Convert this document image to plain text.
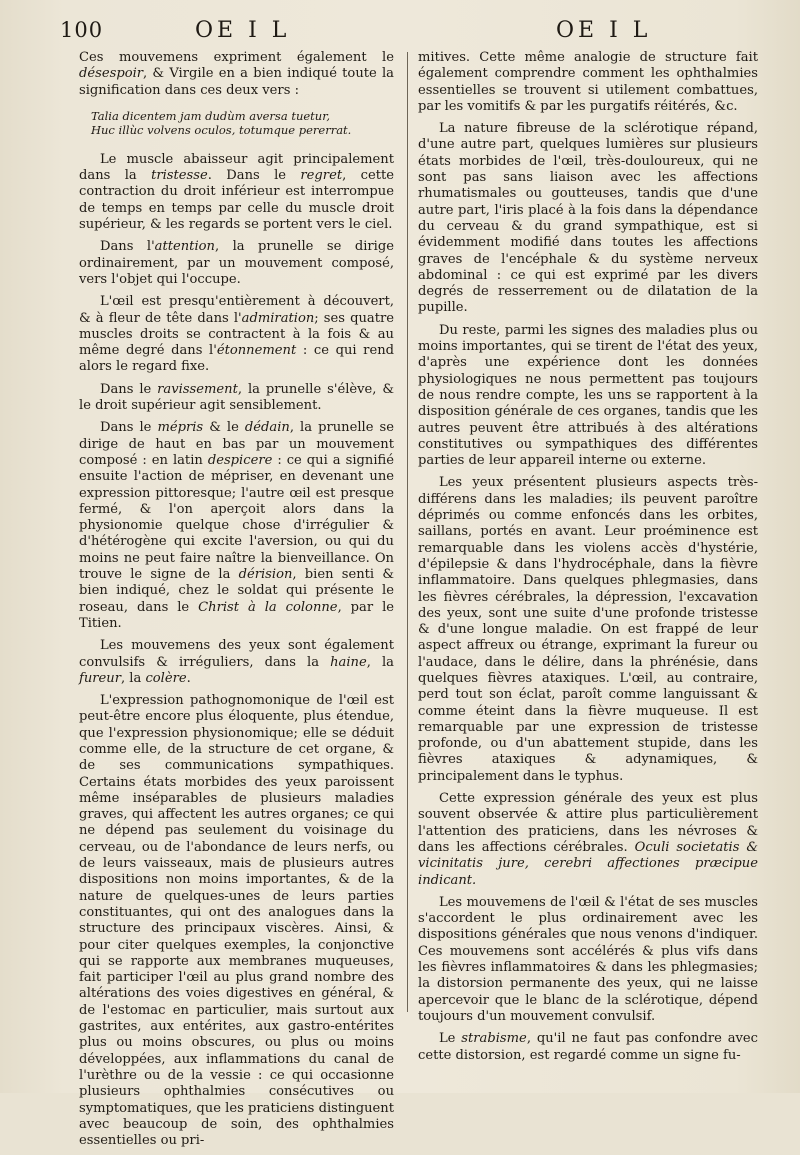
100	OE I L	OE I L

Ces mouvemens expriment également le désespoir, & Virgile en a bien indiqué toute la signification dans ces deux vers :

Talia dicentem jam dudùm aversa tuetur,
Huc illùc volvens oculos, totumque pererrat.

Le muscle abaisseur agit principalement dans la tristesse. Dans le regret, cette contraction du droit inférieur est interrompue de temps en temps par celle du muscle droit supérieur, & les regards se portent vers le ciel.

Dans l'attention, la prunelle se dirige ordinairement, par un mouvement composé, vers l'objet qui l'occupe.

L'œil est presqu'entièrement à découvert, & à fleur de tête dans l'admiration; ses quatre muscles droits se contractent à la fois & au même degré dans l'étonnement : ce qui rend alors le regard fixe.

Dans le ravissement, la prunelle s'élève, & le droit supérieur agit sensiblement.

Dans le mépris & le dédain, la prunelle se dirige de haut en bas par un mouvement composé : en latin despicere : ce qui a signifié ensuite l'action de mépriser, en devenant une expression pittoresque; l'autre œil est presque fermé, & l'on aperçoit alors dans la physionomie quelque chose d'irrégulier & d'hétérogène qui excite l'aversion, ou qui du moins ne peut faire naître la bienveillance. On trouve le signe de la dérision, bien senti & bien indiqué, chez le soldat qui présente le roseau, dans le Christ à la colonne, par le Titien.

Les mouvemens des yeux sont également convulsifs & irréguliers, dans la haine, la fureur, la colère.

L'expression pathognomonique de l'œil est peut-être encore plus éloquente, plus étendue, que l'expression physionomique; elle se déduit comme elle, de la structure de cet organe, & de ses communications sympathiques. Certains états morbides des yeux paroissent même inséparables de plusieurs maladies graves, qui affectent les autres organes; ce qui ne dépend pas seulement du voisinage du cerveau, ou de l'abondance de leurs nerfs, ou de leurs vaisseaux, mais de plusieurs autres dispositions non moins importantes, & de la nature de quelques-unes de leurs parties constituantes, qui ont des analogues dans la structure des principaux viscères. Ainsi, & pour citer quelques exemples, la conjonctive qui se rapporte aux membranes muqueuses, fait participer l'œil au plus grand nombre des altérations des voies digestives en général, & de l'estomac en particulier, mais surtout aux gastrites, aux entérites, aux gastro-entérites plus ou moins obscures, ou plus ou moins développées, aux inflammations du canal de l'urèthre ou de la vessie : ce qui occasionne plusieurs ophthalmies consécutives ou symptomatiques, que les praticiens distinguent avec beaucoup de soin, des ophthalmies essentielles ou pri-

mitives. Cette même analogie de structure fait également comprendre comment les ophthalmies essentielles se trouvent si utilement combattues, par les vomitifs & par les purgatifs réitérés, &c.

La nature fibreuse de la sclérotique répand, d'une autre part, quelques lumières sur plusieurs états morbides de l'œil, très-douloureux, qui ne sont pas sans liaison avec les affections rhumatismales ou goutteuses, tandis que d'une autre part, l'iris placé à la fois dans la dépendance du cerveau & du grand sympathique, est si évidemment modifié dans toutes les affections graves de l'encéphale & du système nerveux abdominal : ce qui est exprimé par les divers degrés de resserrement ou de dilatation de la pupille.

Du reste, parmi les signes des maladies plus ou moins importantes, qui se tirent de l'état des yeux, d'après une expérience dont les données physiologiques ne nous permettent pas toujours de nous rendre compte, les uns se rapportent à la disposition générale de ces organes, tandis que les autres peuvent être attribués à des altérations constitutives ou sympathiques des différentes parties de leur appareil interne ou externe.

Les yeux présentent plusieurs aspects très-différens dans les maladies; ils peuvent paroître déprimés ou comme enfoncés dans les orbites, saillans, portés en avant. Leur proéminence est remarquable dans les violens accès d'hystérie, d'épilepsie & dans l'hydrocéphale, dans la fièvre inflammatoire. Dans quelques phlegmasies, dans les fièvres cérébrales, la dépression, l'excavation des yeux, sont une suite d'une profonde tristesse & d'une longue maladie. On est frappé de leur aspect affreux ou étrange, exprimant la fureur ou l'audace, dans le délire, dans la phrénésie, dans quelques fièvres ataxiques. L'œil, au contraire, perd tout son éclat, paroît comme languissant & comme éteint dans la fièvre muqueuse. Il est remarquable par une expression de tristesse profonde, ou d'un abattement stupide, dans les fièvres ataxiques & adynamiques, & principalement dans le typhus.

Cette expression générale des yeux est plus souvent observée & attire plus particulièrement l'attention des praticiens, dans les névroses & dans les affections cérébrales. Oculi societatis & vicinitatis jure, cerebri affectiones præcipue indicant.

Les mouvemens de l'œil & l'état de ses muscles s'accordent le plus ordinairement avec les dispositions générales que nous venons d'indiquer. Ces mouvemens sont accélérés & plus vifs dans les fièvres inflammatoires & dans les phlegmasies; la distorsion permanente des yeux, qui ne laisse apercevoir que le blanc de la sclérotique, dépend toujours d'un mouvement convulsif.

Le strabisme, qu'il ne faut pas confondre avec cette distorsion, est regardé comme un signe fu-
